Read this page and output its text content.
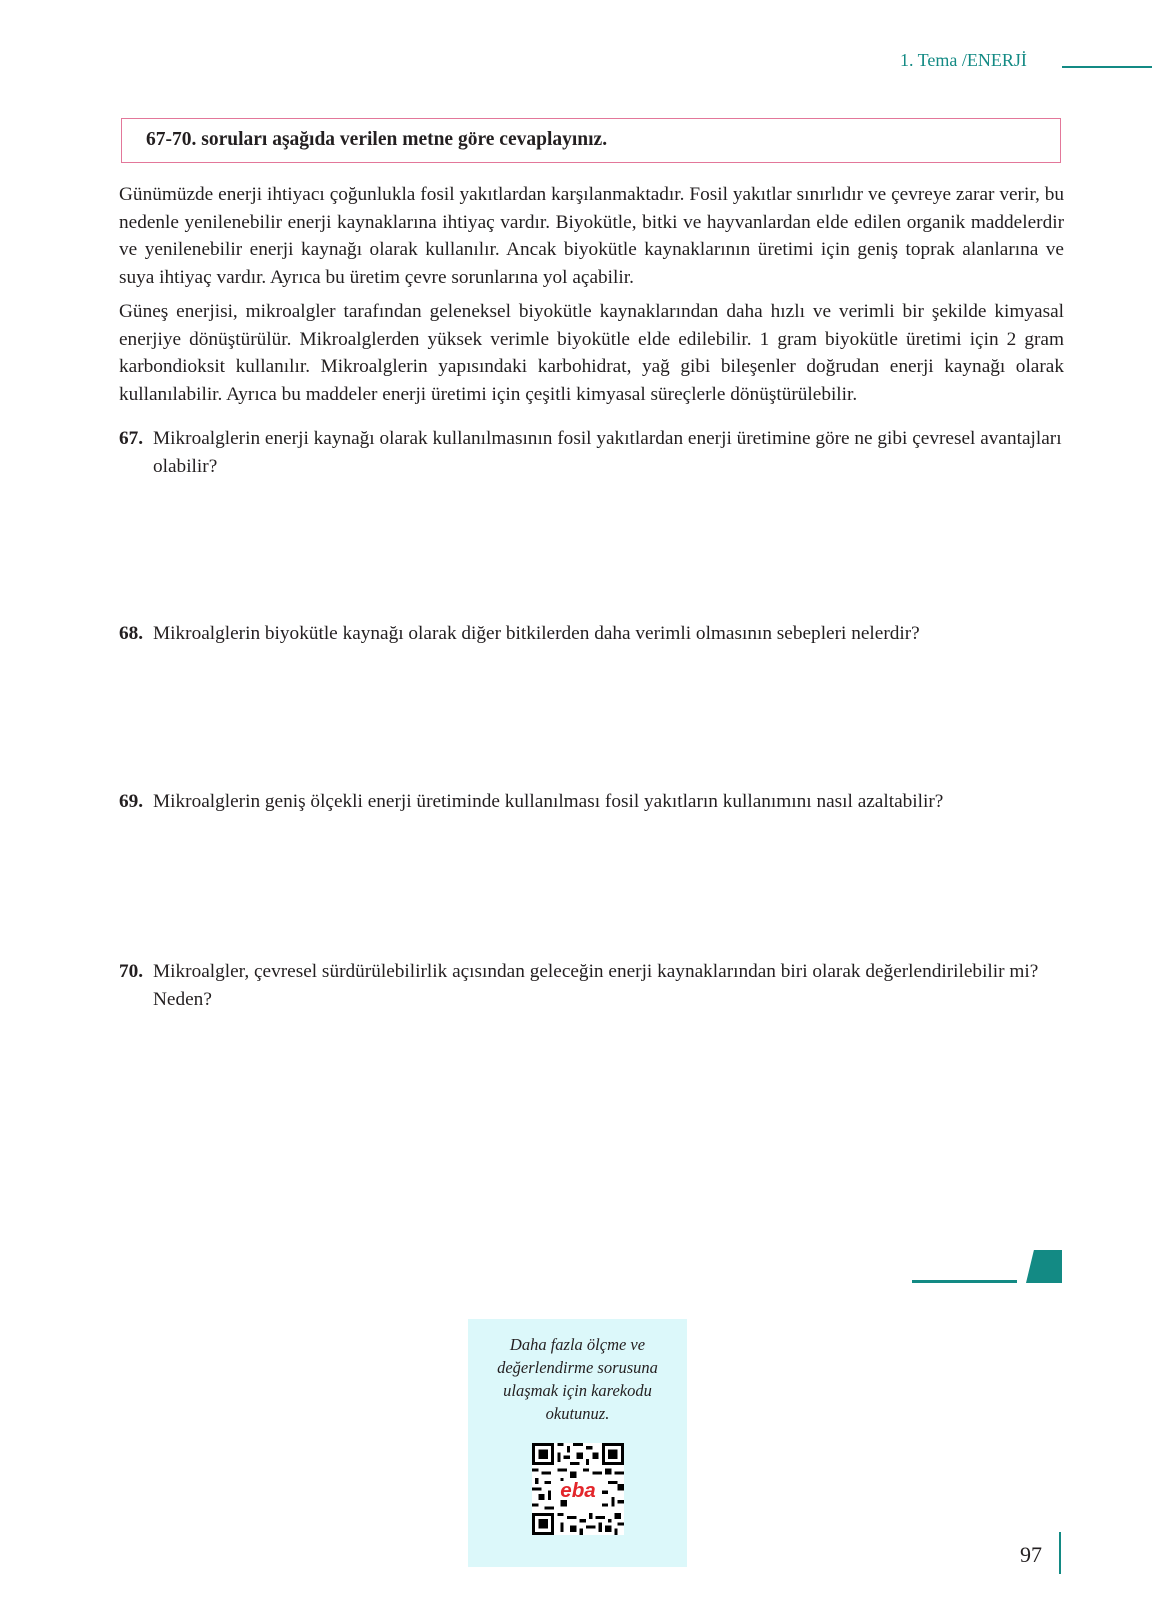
1. Tema /ENERJİ
67-70. soruları aşağıda verilen metne göre cevaplayınız.

Günümüzde enerji ihtiyacı çoğunlukla fosil yakıtlardan karşılanmaktadır. Fosil yakıtlar sınırlıdır ve çevreye zarar verir, bu nedenle yenilenebilir enerji kaynaklarına ihtiyaç vardır. Biyokütle, bitki ve hayvanlardan elde edilen organik maddelerdir ve yenilenebilir enerji kaynağı olarak kullanılır. Ancak biyokütle kaynaklarının üretimi için geniş toprak alanlarına ve suya ihtiyaç vardır. Ayrıca bu üretim çevre sorunlarına yol açabilir.

Güneş enerjisi, mikroalgler tarafından geleneksel biyokütle kaynaklarından daha hızlı ve verimli bir şekilde kimyasal enerjiye dönüştürülür. Mikroalglerden yüksek verimle biyokütle elde edilebilir. 1 gram biyokütle üretimi için 2 gram karbondioksit kullanılır. Mikroalglerin yapısındaki karbohidrat, yağ gibi bileşenler doğrudan enerji kaynağı olarak kullanılabilir. Ayrıca bu maddeler enerji üretimi için çeşitli kimyasal süreçlerle dönüştürülebilir.

67. Mikroalglerin enerji kaynağı olarak kullanılmasının fosil yakıtlardan enerji üretimine göre ne gibi çevresel avantajları olabilir?
68. Mikroalglerin biyokütle kaynağı olarak diğer bitkilerden daha verimli olmasının sebepleri nelerdir?
69. Mikroalglerin geniş ölçekli enerji üretiminde kullanılması fosil yakıtların kullanımını nasıl azaltabilir?
70. Mikroalgler, çevresel sürdürülebilirlik açısından geleceğin enerji kaynaklarından biri olarak değerlendirilebilir mi? Neden?
Daha fazla ölçme ve değerlendirme sorusuna ulaşmak için karekodu okutunuz.
eba
97
